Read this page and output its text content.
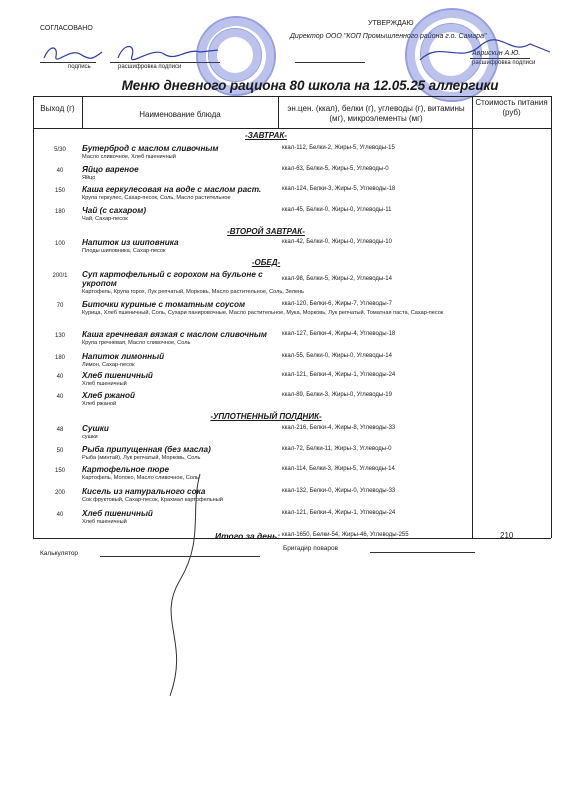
СОГЛАСОВАНО
подпись	расшифровка подписи
УТВЕРЖДАЮ
Директор ООО "КОП Промышленного района г.о. Самара"
Аврискин А.Ю.
расшифровка подписи
Меню дневного рациона 80 школа на 12.05.25 аллергики
Выход (г)
Наименование блюда
эн.цен. (ккал), белки (г), углеводы (г), витамины (мг), микроэлементы (мг)
Стоимость питания (руб)
-ЗАВТРАК-
-ВТОРОЙ ЗАВТРАК-
-ОБЕД-
-УПЛОТНЕННЫЙ ПОЛДНИК-
5/30	Бутерброд с маслом сливочным
Масло сливочное, Хлеб пшеничный
ккал-112, Белки-2, Жиры-5, Углеводы-15
40	Яйцо вареное
Яйцо
ккал-63, Белки-5, Жиры-5, Углеводы-0
150	Каша геркулесовая на воде с маслом раст.
Крупа геркулес, Сахар-песок, Соль, Масло растительное
ккал-124, Белки-3, Жиры-5, Углеводы-18
180	Чай (с сахаром)
Чай, Сахар-песок
ккал-45, Белки-0, Жиры-0, Углеводы-11
100	Напиток из шиповника
Плоды шиповника, Сахар-песок
ккал-42, Белки-0, Жиры-0, Углеводы-10
200/1	Суп картофельный с горохом на бульоне с укропом
Картофель, Крупа горох, Лук репчатый, Морковь, Масло растительное, Соль, Зелень
ккал-98, Белки-5, Жиры-2, Углеводы-14
70	Биточки куриные с томатным соусом
Курица, Хлеб пшеничный, Соль, Сухари панировочные, Масло растительное, Мука, Морковь, Лук репчатый, Томатная паста, Сахар-песок
ккал-120, Белки-6, Жиры-7, Углеводы-7
130	Каша гречневая вязкая с маслом сливочным
Крупа гречневая, Масло сливочное, Соль
ккал-127, Белки-4, Жиры-4, Углеводы-18
180	Напиток лимонный
Лимон, Сахар-песок
ккал-55, Белки-0, Жиры-0, Углеводы-14
40	Хлеб пшеничный
Хлеб пшеничный
ккал-121, Белки-4, Жиры-1, Углеводы-24
40	Хлеб ржаной
Хлеб ржаной
ккал-89, Белки-3, Жиры-0, Углеводы-19
48	Сушки
сушки
ккал-216, Белки-4, Жиры-8, Углеводы-33
50	Рыба припущенная (без масла)
Рыба (минтай), Лук репчатый, Морковь, Соль
ккал-72, Белки-11, Жиры-3, Углеводы-0
150	Картофельное пюре
Картофель, Молоко, Масло сливочное, Соль
ккал-114, Белки-3, Жиры-5, Углеводы-14
200	Кисель из натурального сока
Сок фруктовый, Сахар-песок, Крахмал картофельный
ккал-132, Белки-0, Жиры-0, Углеводы-33
40	Хлеб пшеничный
Хлеб пшеничный
ккал-121, Белки-4, Жиры-1, Углеводы-24
Итого за день: ккал-1650, Белки-54, Жиры-46, Углеводы-255	210
Калькулятор
Бригадир поваров
